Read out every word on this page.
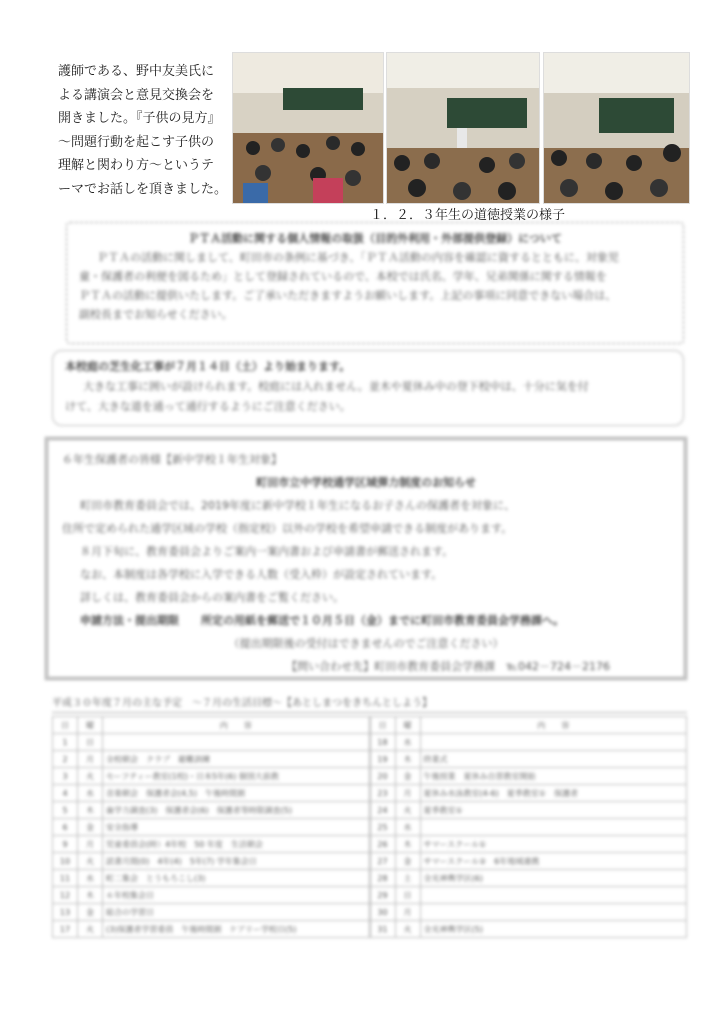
護師である、野中友美氏に
よる講演会と意見交換会を
開きました。『子供の見方』
～問題行動を起こす子供の
理解と関わり方～というテ
ーマでお話しを頂きました。
１．２．３年生の道徳授業の様子
ＰＴＡ活動に関する個人情報の取扱（目的外利用・外部提供登録）について
ＰＴＡの活動に関しまして、町田市の条例に基づき、「ＰＴＡ活動の内容を確認に資するとともに、対象児
童・保護者の利便を図るため」として登録されているので、本校では氏名、学年、兄弟関係に関する情報を
ＰＴＡの活動に提供いたします。ご了承いただきますようお願いします。上記の事項に同意できない場合は、
副校長までお知らせください。
本校庭の芝生化工事が７月１４日（土）より始まります。
大きな工事に囲いが設けられます。校庭には入れません。並木や夏休み中の登下校中は、十分に気を付
けて、大きな道を通って通行するようにご注意ください。
６年生保護者の皆様【新中学校１年生対象】
町田市立中学校通学区域弾力制度のお知らせ
町田市教育委員会では、2019年度に新中学校１年生になるお子さんの保護者を対象に、
住所で定められた通学区域の学校（指定校）以外の学校を希望申請できる制度があります。
８月下旬に、教育委員会よりご案内一案内書および申請書が郵送されます。
なお、本制度は各学校に入学できる人数（受入枠）が設定されています。
詳しくは、教育委員会からの案内書をご覧ください。
申請方法・提出期限　　所定の用紙を郵送で１０月５日（金）までに町田市教育委員会学務課へ。
（提出期限後の受付はできませんのでご注意ください）
【問い合わせ先】町田市教育委員会学務課　℡042－724－2176
平成３０年度７月の主な予定　～７月の生活目標～【あとしまつをきちんとしよう】
日	曜	内　　容
1	日	
2	月	全校朝会　クラブ　避難訓練
3	火	セーフティー教室(1校)・日本5年(6) 個別大前教
4	水	音楽朝会　保護者会(4,5)　午後時間割
5	木	歯学力調査(3)　保護者会(6)　保護者等時限調査(5)
6	金	安全指導
9	月	児童委員会(時）4年校　50 年度　生活朝会
10	火	読書月間(0)　4年(4)　5年(7) 学年集会日
11	水	町二集会　とうもろこし(3)
12	木	６年校集会日
13	金	総合の学習日
17	火	(3)保護者学習委員　午後時間割　ケアリー学校日(5)
日	曜	内　　容
18	水	
19	木	終業式
20	金	午後授業　夏休み自習教室開始
23	月	夏休み水泳教室(4-6)　夏季教室①　保護者
24	火	夏季教室①
25	水	
26	木	サマースクール①
27	金	サマースクール②　6年地域連携
28	土	全光神輿学区(6)
29	日	
30	月	
31	火	全光神輿学区(5)
